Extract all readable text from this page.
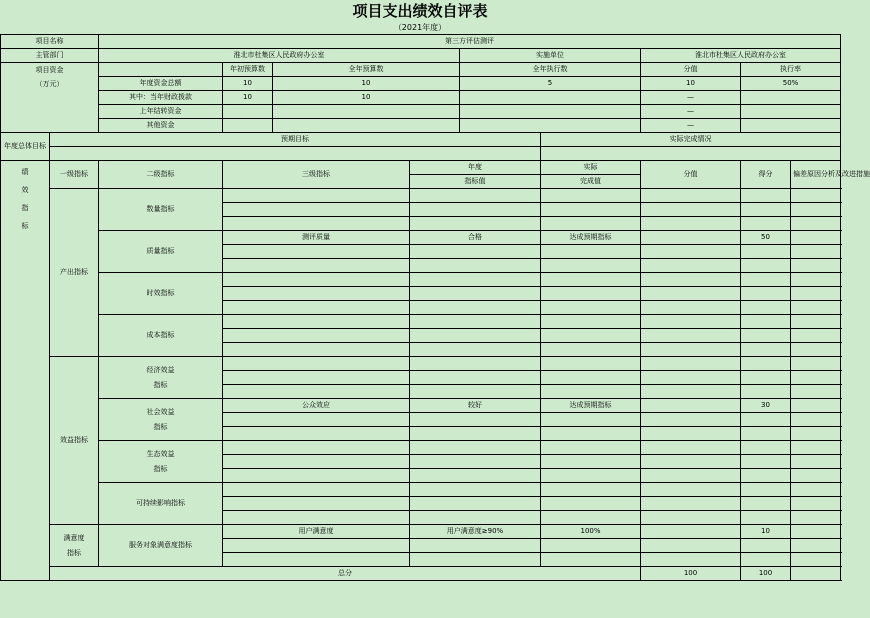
项目支出绩效自评表
（2021年度）
项目名称		第三方评估测评									
主管部门		淮北市杜集区人民政府办公室				实施单位		淮北市杜集区人民政府办公室			
项目资金
（万元）			年初预算数	全年预算数		全年执行数		分值	执行率	
		年度资金总额	10	10		5		10	50%	
		其中：当年财政拨款	10	10				—		
		上年结转资金						—		
		其他资金						—		
年度总体目标	预期目标						实际完成情况				

绩
效
指
标	一级指标	二级指标	三级指标		年度		实际	分值	得分	偏差原因分析及改进措施	
					指标值		完成值				
	产出指标	数量指标									

		质量指标	测评质量		合格		达成预期指标		50		

		时效指标									

		成本指标									

	效益指标	经济效益
指标									

		社会效益
指标	公众效应		较好		达成预期指标		30		

		生态效益
指标									

		可持续影响指标									

	满意度
指标	服务对象满意度指标	用户满意度		用户满意度≥90%		100%		10		

	总分							100	100		
